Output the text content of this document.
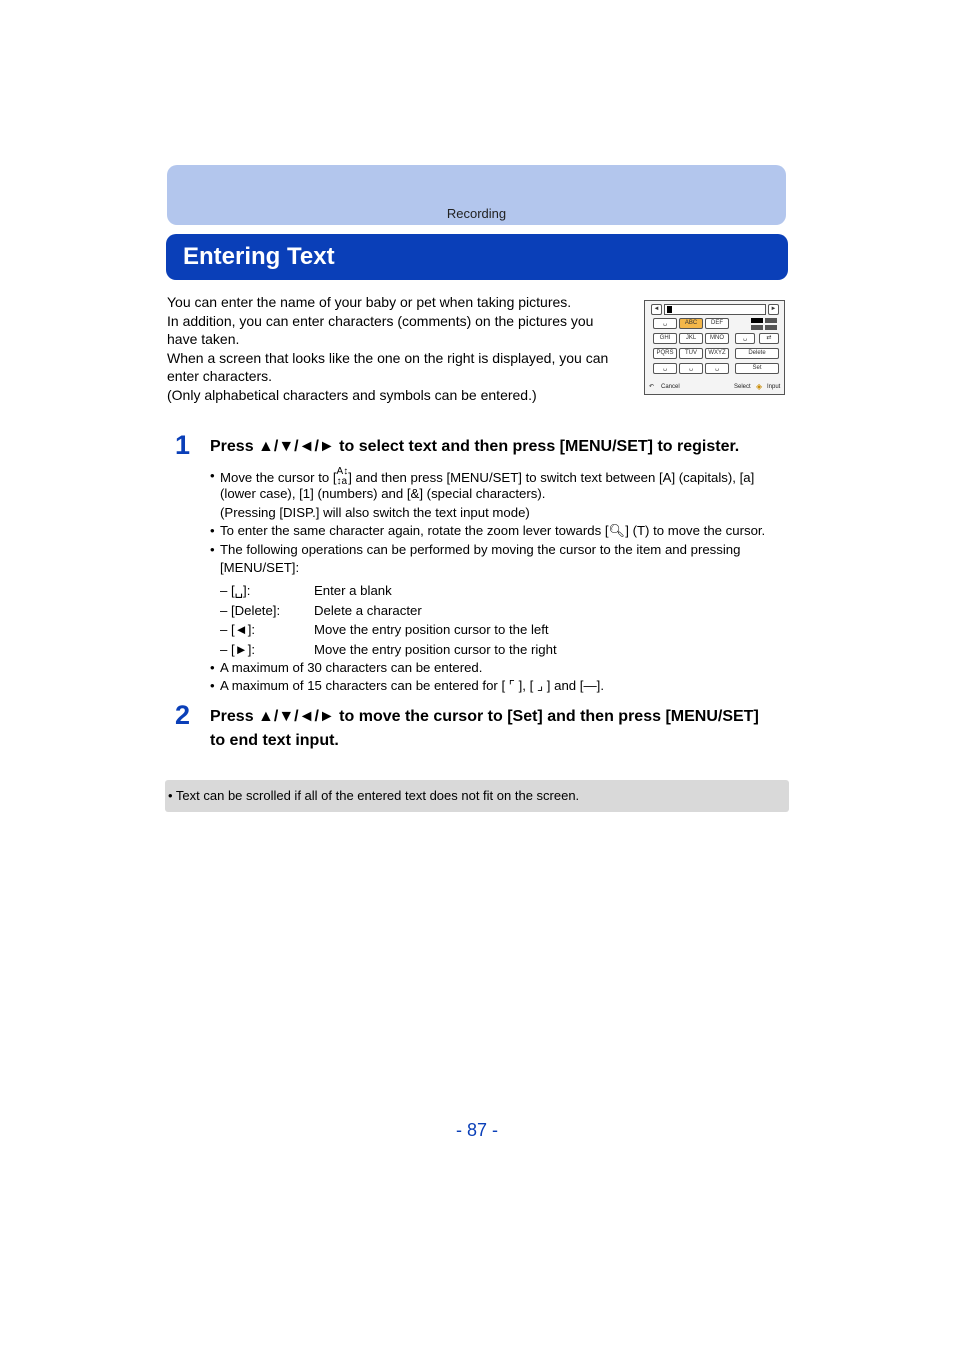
Recording
Entering Text
You can enter the name of your baby or pet when taking pictures.
In addition, you can enter characters (comments) on the pictures you
have taken.
When a screen that looks like the one on the right is displayed, you can
enter characters.
(Only alphabetical characters and symbols can be entered.)
◄	►
␣	ABC	DEF
GHI	JKL	MNO	␣	⇄
PQRS	TUV	WXYZ	Delete
␣	␣	␣	Set
↶ Cancel	Select ◈ Input
1 Press ▲/▼/◄/► to select text and then press [MENU/SET] to register.
• Move the cursor to [A↕
↕a] and then press [MENU/SET] to switch text between [A] (capitals), [a]
(lower case), [1] (numbers) and [&] (special characters).
(Pressing [DISP.] will also switch the text input mode)
• To enter the same character again, rotate the zoom lever towards [🔍︎] (T) to move the cursor.
• The following operations can be performed by moving the cursor to the item and pressing
[MENU/SET]:
– [␣]:	Enter a blank
– [Delete]:	Delete a character
– [◄]:	Move the entry position cursor to the left
– [►]:	Move the entry position cursor to the right
• A maximum of 30 characters can be entered.
• A maximum of 15 characters can be entered for [ ⌜ ], [ ⌟ ] and [—].
2 Press ▲/▼/◄/► to move the cursor to [Set] and then press [MENU/SET]
to end text input.
• Text can be scrolled if all of the entered text does not fit on the screen.
- 87 -
